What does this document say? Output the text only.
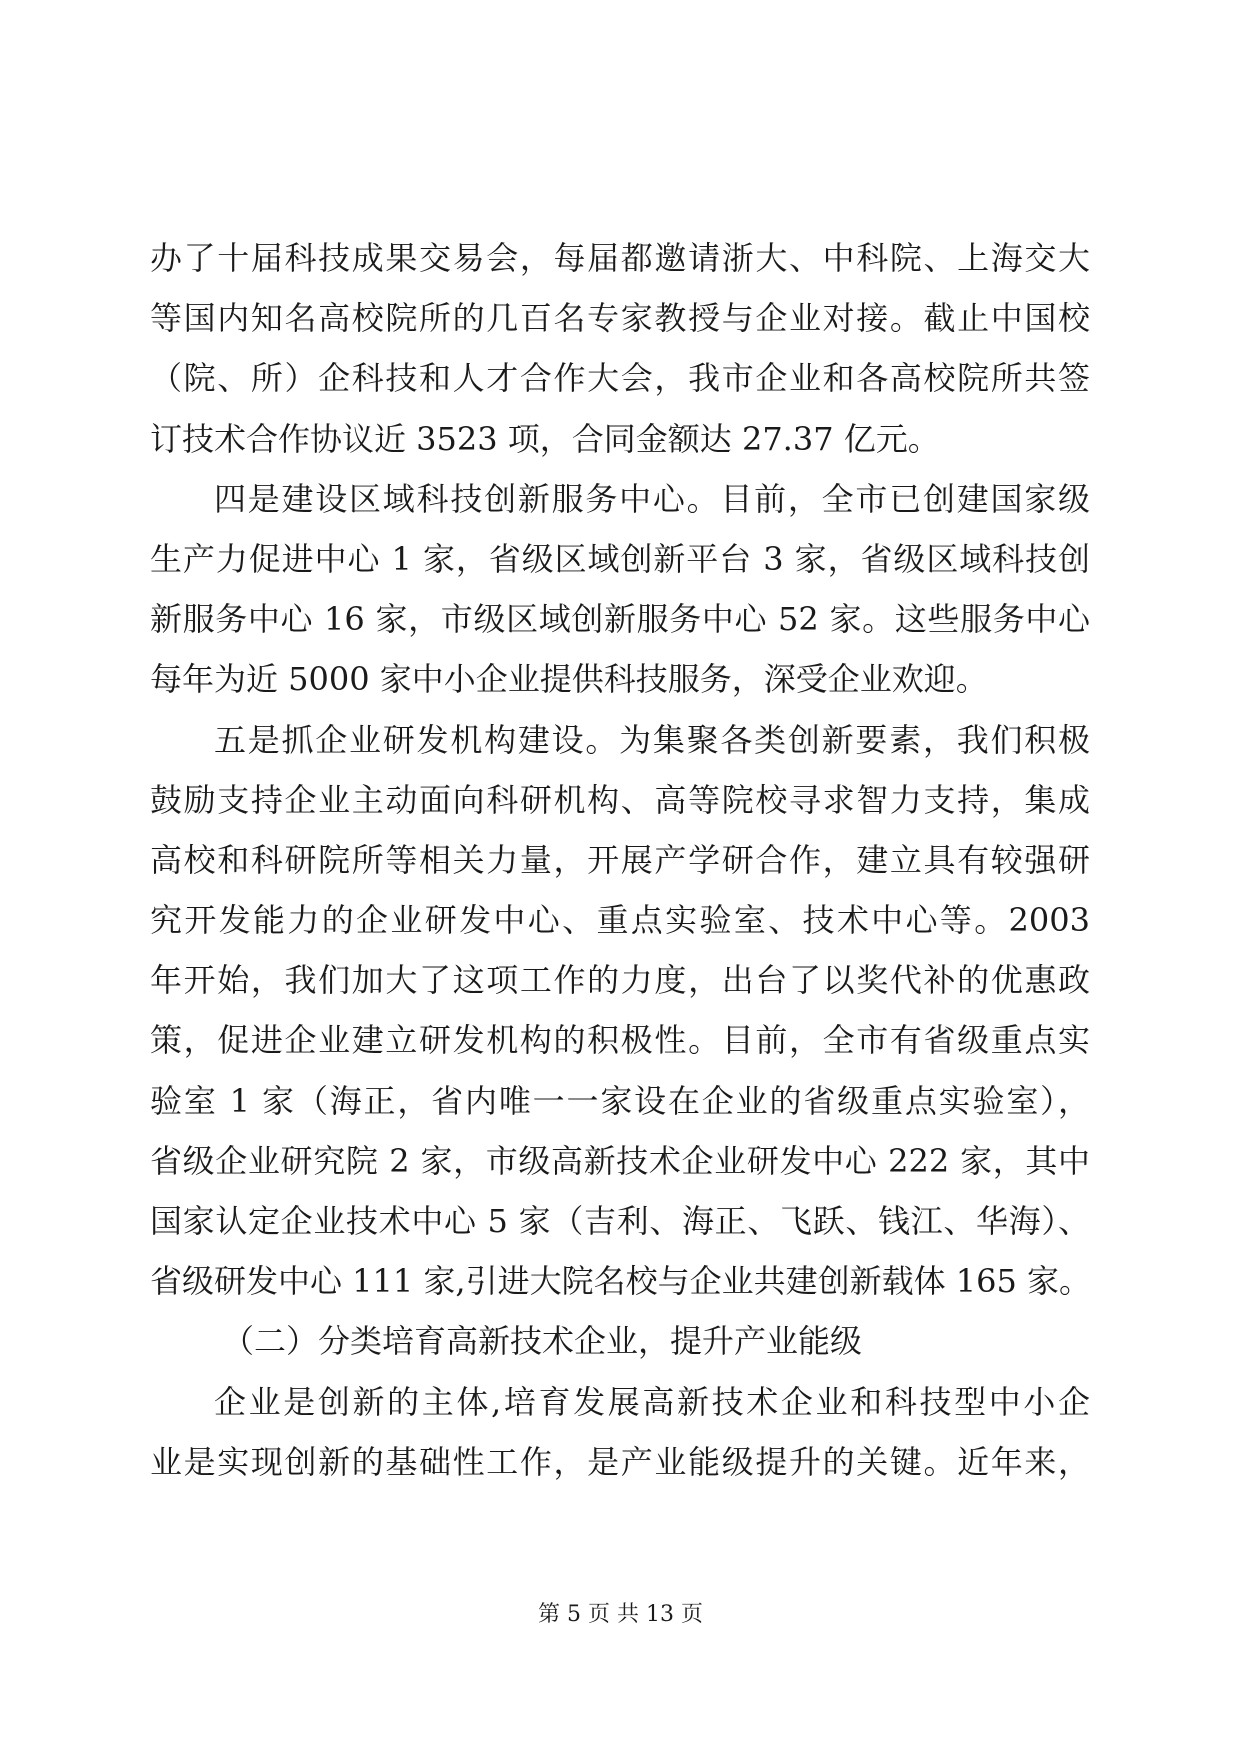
办了十届科技成果交易会，每届都邀请浙大、中科院、上海交大
等国内知名高校院所的几百名专家教授与企业对接。截止中国校
（院、所）企科技和人才合作大会，我市企业和各高校院所共签
订技术合作协议近 3523 项，合同金额达 27.37 亿元。
四是建设区域科技创新服务中心。目前，全市已创建国家级
生产力促进中心 1 家，省级区域创新平台 3 家，省级区域科技创
新服务中心 16 家，市级区域创新服务中心 52 家。这些服务中心
每年为近 5000 家中小企业提供科技服务，深受企业欢迎。
五是抓企业研发机构建设。为集聚各类创新要素，我们积极
鼓励支持企业主动面向科研机构、高等院校寻求智力支持，集成
高校和科研院所等相关力量，开展产学研合作，建立具有较强研
究开发能力的企业研发中心、重点实验室、技术中心等。2003
年开始，我们加大了这项工作的力度，出台了以奖代补的优惠政
策，促进企业建立研发机构的积极性。目前，全市有省级重点实
验室 1 家（海正，省内唯一一家设在企业的省级重点实验室），
省级企业研究院 2 家，市级高新技术企业研发中心 222 家，其中
国家认定企业技术中心 5 家（吉利、海正、飞跃、钱江、华海）、
省级研发中心 111 家,引进大院名校与企业共建创新载体 165 家。
（二）分类培育高新技术企业，提升产业能级
企业是创新的主体,培育发展高新技术企业和科技型中小企
业是实现创新的基础性工作，是产业能级提升的关键。近年来，
第 5 页 共 13 页
